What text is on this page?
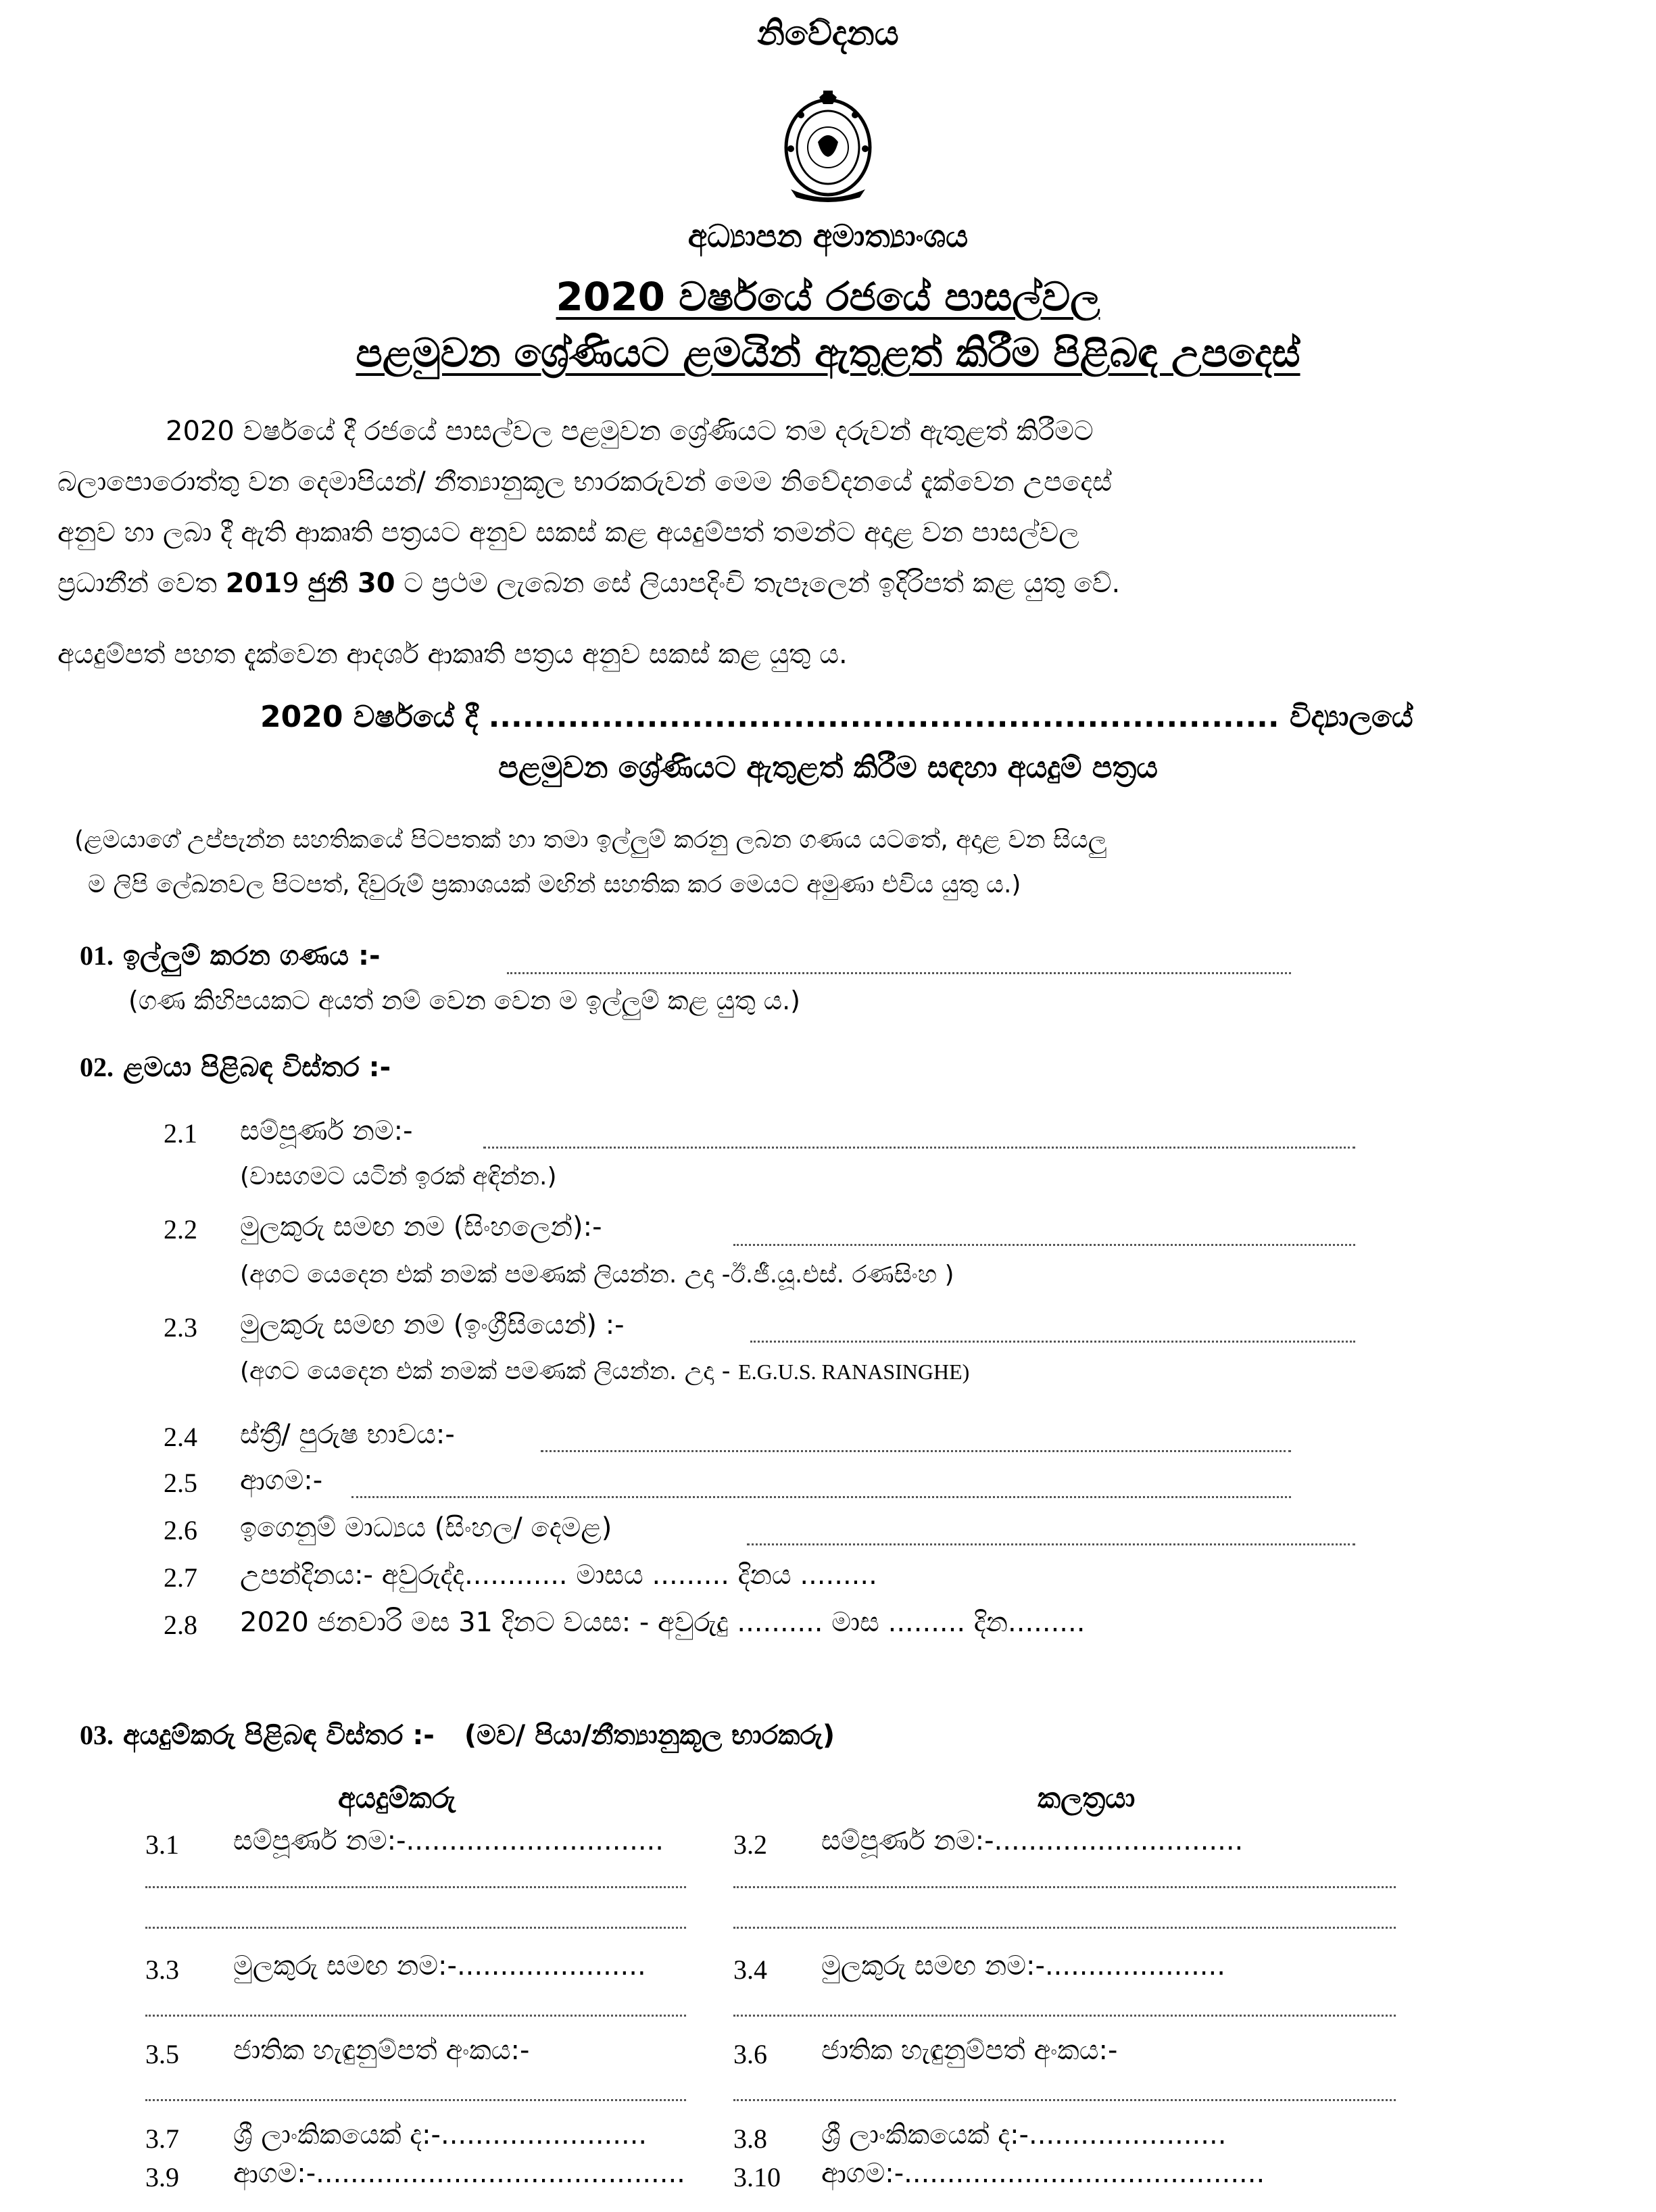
නිවේදනය
අධ්‍යාපන අමාත්‍යාංශය
2020 වර්ෂයේ රජයේ පාසල්වල
පළමුවන ශ්‍රේණියට ළමයින් ඇතුළත් කිරීම පිළිබඳ උපදෙස්
2020 වර්ෂයේ දී රජයේ පාසල්වල පළමුවන ශ්‍රේණියට තම දරුවන් ඇතුළත් කිරීමට
බලාපොරොත්තු වන දෙමාපියන්/ නීත්‍යානුකූල භාරකරුවන් මෙම නිවේදනයේ දැක්වෙන උපදෙස්
අනුව හා ලබා දී ඇති ආකෘති පත්‍රයට අනුව සකස් කළ අයදුම්පත් තමන්ට අදාළ වන පාසල්වල
ප්‍රධානීන් වෙත 2019 ජුනි 30 ට ප්‍රථම ලැබෙන සේ ලියාපදිංචි තැපෑලෙන් ඉදිරිපත් කළ යුතු වේ.
අයදුම්පත් පහත දැක්වෙන ආදර්ශ ආකෘති පත්‍රය අනුව සකස් කළ යුතු ය.
2020 වර්ෂයේ දී ...................................................................... විද්‍යාලයේ
පළමුවන ශ්‍රේණියට ඇතුළත් කිරීම සඳහා අයදුම් පත්‍රය
(ළමයාගේ උප්පැන්න සහතිකයේ පිටපතක් හා තමා ඉල්ලුම් කරනු ලබන ගණය යටතේ, අදාළ වන සියලු
ම ලිපි ලේඛනවල පිටපත්, දිවුරුම් ප්‍රකාශයක් මඟින් සහතික කර මෙයට අමුණා එවිය යුතු ය.)
01. ඉල්ලුම් කරන ගණය :-
(ගණ කිහිපයකට අයත් නම් වෙන වෙන ම ඉල්ලුම් කළ යුතු ය.)
02. ළමයා පිළිබඳ විස්තර :-
2.1 සම්පූර්ණ නම:-
(වාසගමට යටින් ඉරක් අඳින්න.)
2.2 මුලකුරු සමඟ නම (සිංහලෙන්):-
(අගට යෙදෙන එක් නමක් පමණක් ලියන්න. උදා -ඊ.ජී.යූ.එස්. රණසිංහ )
2.3 මුලකුරු සමඟ නම (ඉංග්‍රීසියෙන්) :-
(අගට යෙදෙන එක් නමක් පමණක් ලියන්න. උදා - E.G.U.S. RANASINGHE)
2.4 ස්ත්‍රී/ පුරුෂ භාවය:-
2.5 ආගම:-
2.6 ඉගෙනුම් මාධ්‍යය (සිංහල/ දෙමළ)
2.7 උපන්දිනය:- අවුරුද්ද............ මාසය ......... දිනය .........
2.8 2020 ජනවාරි මස 31 දිනට වයස: - අවුරුදු .......... මාස ......... දින.........
03. අයදුම්කරු පිළිබඳ විස්තර :- (මව/ පියා/නීත්‍යානුකූල භාරකරු)
අයදුම්කරු	කලත්‍රයා
3.1 සම්පූර්ණ නම:-..............................
3.3 මුලකුරු සමඟ නම:-......................
3.5 ජාතික හැඳුනුම්පත් අංකය:-
3.7 ශ්‍රී ලාංකිකයෙක් ද:-........................
3.9 ආගම:-...........................................
3.2 සම්පූර්ණ නම:-.............................
3.4 මුලකුරු සමඟ නම:-.....................
3.6 ජාතික හැඳුනුම්පත් අංකය:-
3.8 ශ්‍රී ලාංකිකයෙක් ද:-.......................
3.10 ආගම:-..........................................
